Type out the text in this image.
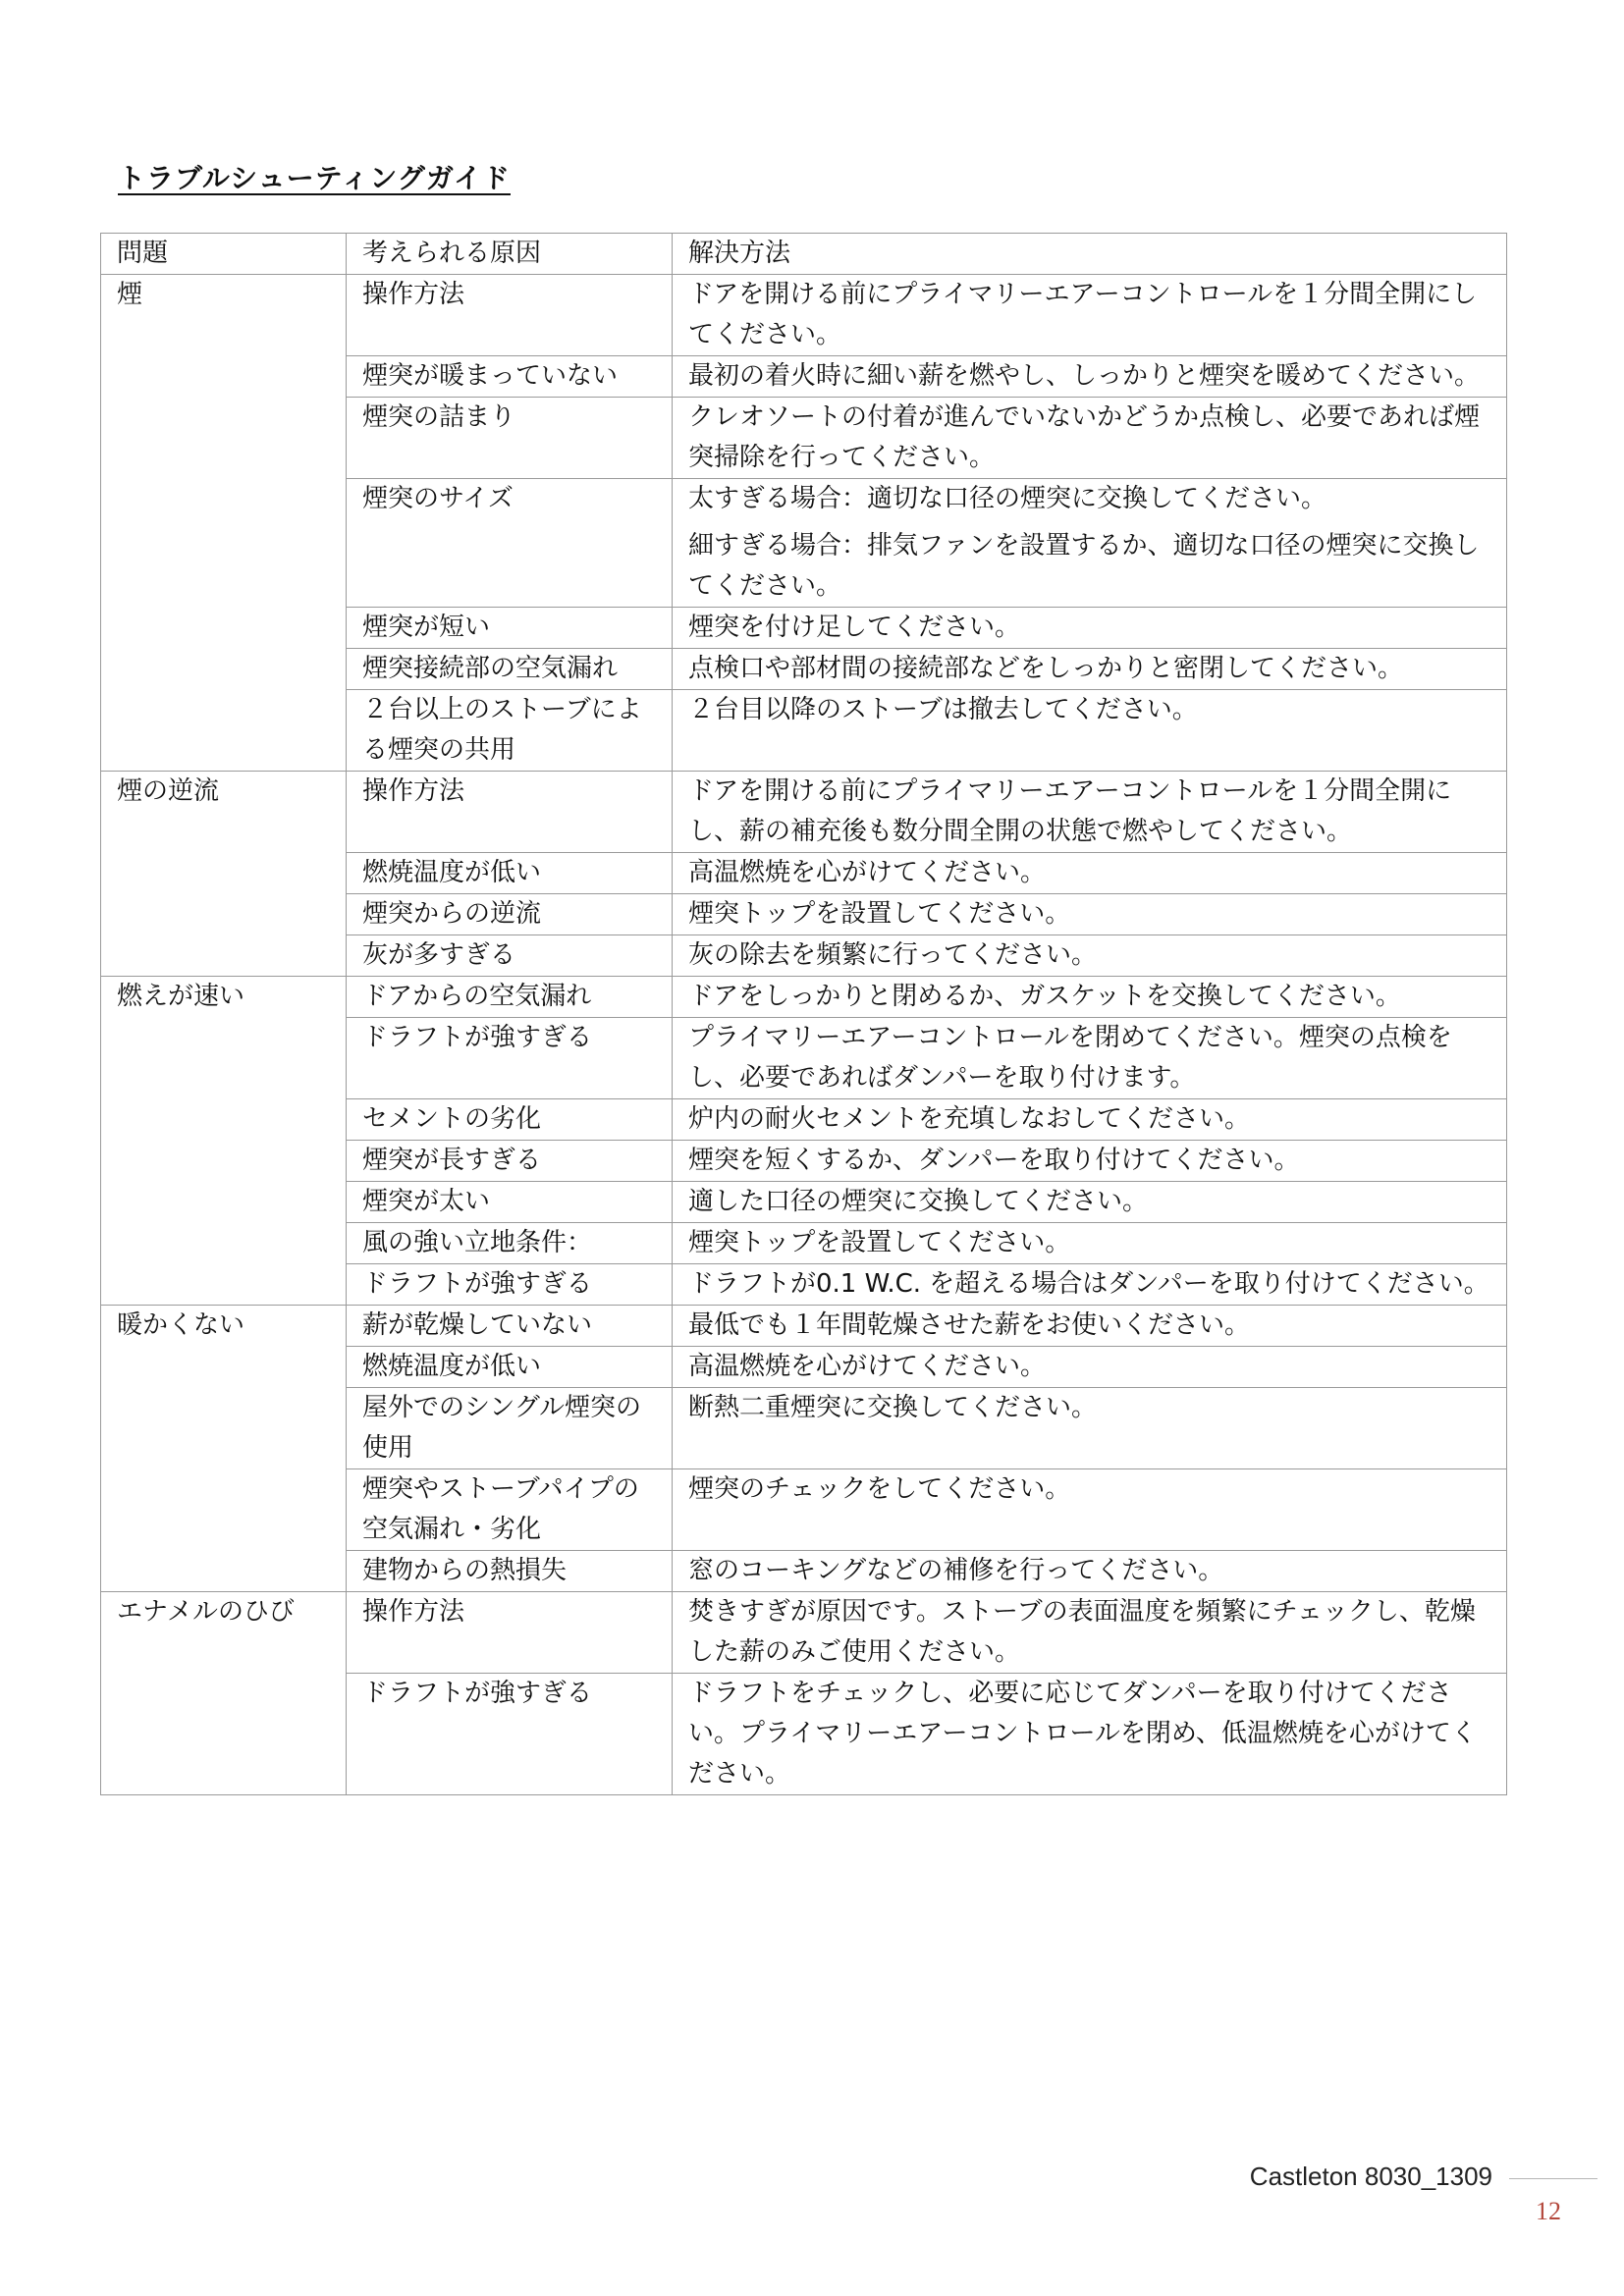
トラブルシューティングガイド
問題	考えられる原因	解決方法
煙	操作方法	ドアを開ける前にプライマリーエアーコントロールを１分間全開にしてください。

	煙突が暖まっていない	最初の着火時に細い薪を燃やし、しっかりと煙突を暖めてください。

	煙突の詰まり	クレオソートの付着が進んでいないかどうか点検し、必要であれば煙突掃除を行ってください。

	煙突のサイズ	太すぎる場合：適切な口径の煙突に交換してください。
細すぎる場合：排気ファンを設置するか、適切な口径の煙突に交換してください。

	煙突が短い	煙突を付け足してください。

	煙突接続部の空気漏れ	点検口や部材間の接続部などをしっかりと密閉してください。

	２台以上のストーブによる煙突の共用	２台目以降のストーブは撤去してください。

煙の逆流	操作方法	ドアを開ける前にプライマリーエアーコントロールを１分間全開にし、薪の補充後も数分間全開の状態で燃やしてください。

	燃焼温度が低い	高温燃焼を心がけてください。

	煙突からの逆流	煙突トップを設置してください。

	灰が多すぎる	灰の除去を頻繁に行ってください。

燃えが速い	ドアからの空気漏れ	ドアをしっかりと閉めるか、ガスケットを交換してください。

	ドラフトが強すぎる	プライマリーエアーコントロールを閉めてください。煙突の点検をし、必要であればダンパーを取り付けます。

	セメントの劣化	炉内の耐火セメントを充填しなおしてください。

	煙突が長すぎる	煙突を短くするか、ダンパーを取り付けてください。

	煙突が太い	適した口径の煙突に交換してください。

	風の強い立地条件：	煙突トップを設置してください。

	ドラフトが強すぎる	ドラフトが0.1 W.C. を超える場合はダンパーを取り付けてください。

暖かくない	薪が乾燥していない	最低でも１年間乾燥させた薪をお使いください。

	燃焼温度が低い	高温燃焼を心がけてください。

	屋外でのシングル煙突の使用	断熱二重煙突に交換してください。

	煙突やストーブパイプの空気漏れ・劣化	煙突のチェックをしてください。

	建物からの熱損失	窓のコーキングなどの補修を行ってください。

エナメルのひび	操作方法	焚きすぎが原因です。ストーブの表面温度を頻繁にチェックし、乾燥した薪のみご使用ください。

	ドラフトが強すぎる	ドラフトをチェックし、必要に応じてダンパーを取り付けてください。プライマリーエアーコントロールを閉め、低温燃焼を心がけてください。
Castleton 8030_1309
12
